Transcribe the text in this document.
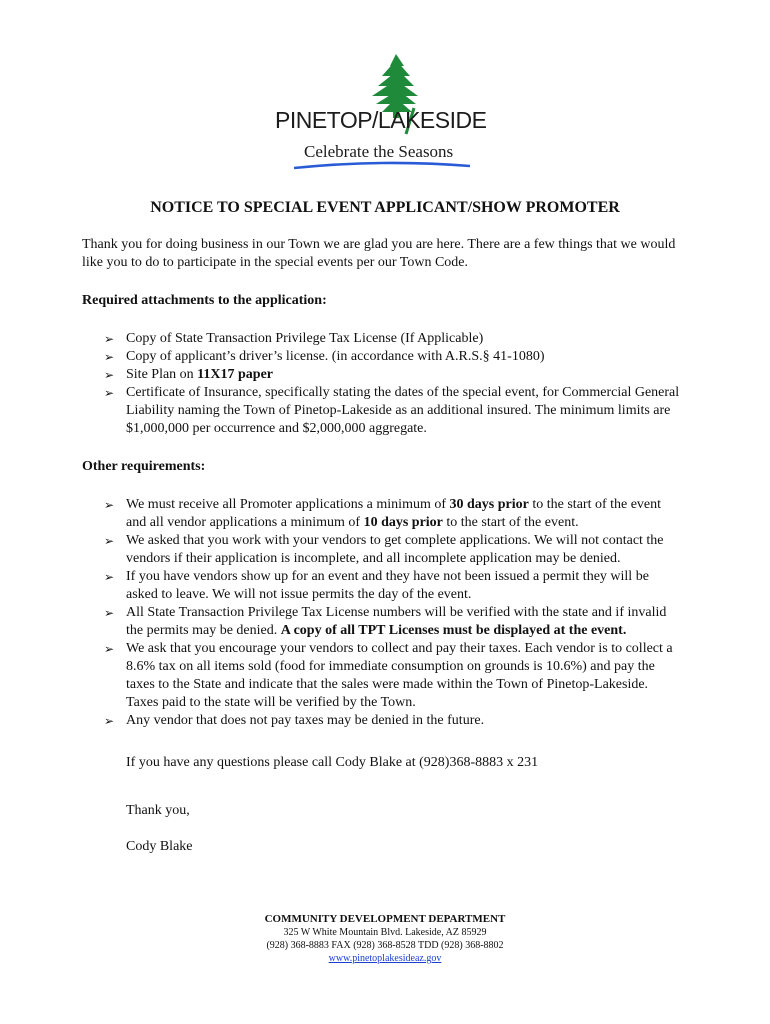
PINETOP/LAKESIDE
Celebrate the Seasons
NOTICE TO SPECIAL EVENT APPLICANT/SHOW PROMOTER

Thank you for doing business in our Town we are glad you are here. There are a few things that we would like you to do to participate in the special events per our Town Code.

Required attachments to the application:

➢ Copy of State Transaction Privilege Tax License (If Applicable)
➢ Copy of applicant’s driver’s license. (in accordance with A.R.S.§ 41-1080)
➢ Site Plan on 11X17 paper
➢ Certificate of Insurance, specifically stating the dates of the special event, for Commercial General Liability naming the Town of Pinetop-Lakeside as an additional insured. The minimum limits are $1,000,000 per occurrence and $2,000,000 aggregate.

Other requirements:

➢ We must receive all Promoter applications a minimum of 30 days prior to the start of the event and all vendor applications a minimum of 10 days prior to the start of the event.
➢ We asked that you work with your vendors to get complete applications. We will not contact the vendors if their application is incomplete, and all incomplete application may be denied.
➢ If you have vendors show up for an event and they have not been issued a permit they will be asked to leave. We will not issue permits the day of the event.
➢ All State Transaction Privilege Tax License numbers will be verified with the state and if invalid the permits may be denied. A copy of all TPT Licenses must be displayed at the event.
➢ We ask that you encourage your vendors to collect and pay their taxes. Each vendor is to collect a 8.6% tax on all items sold (food for immediate consumption on grounds is 10.6%) and pay the taxes to the State and indicate that the sales were made within the Town of Pinetop-Lakeside. Taxes paid to the state will be verified by the Town.
➢ Any vendor that does not pay taxes may be denied in the future.

If you have any questions please call Cody Blake at (928)368-8883 x 231

Thank you,

Cody Blake

COMMUNITY DEVELOPMENT DEPARTMENT
325 W White Mountain Blvd. Lakeside, AZ 85929
(928) 368-8883 FAX (928) 368-8528 TDD (928) 368-8802
www.pinetoplakesideaz.gov
